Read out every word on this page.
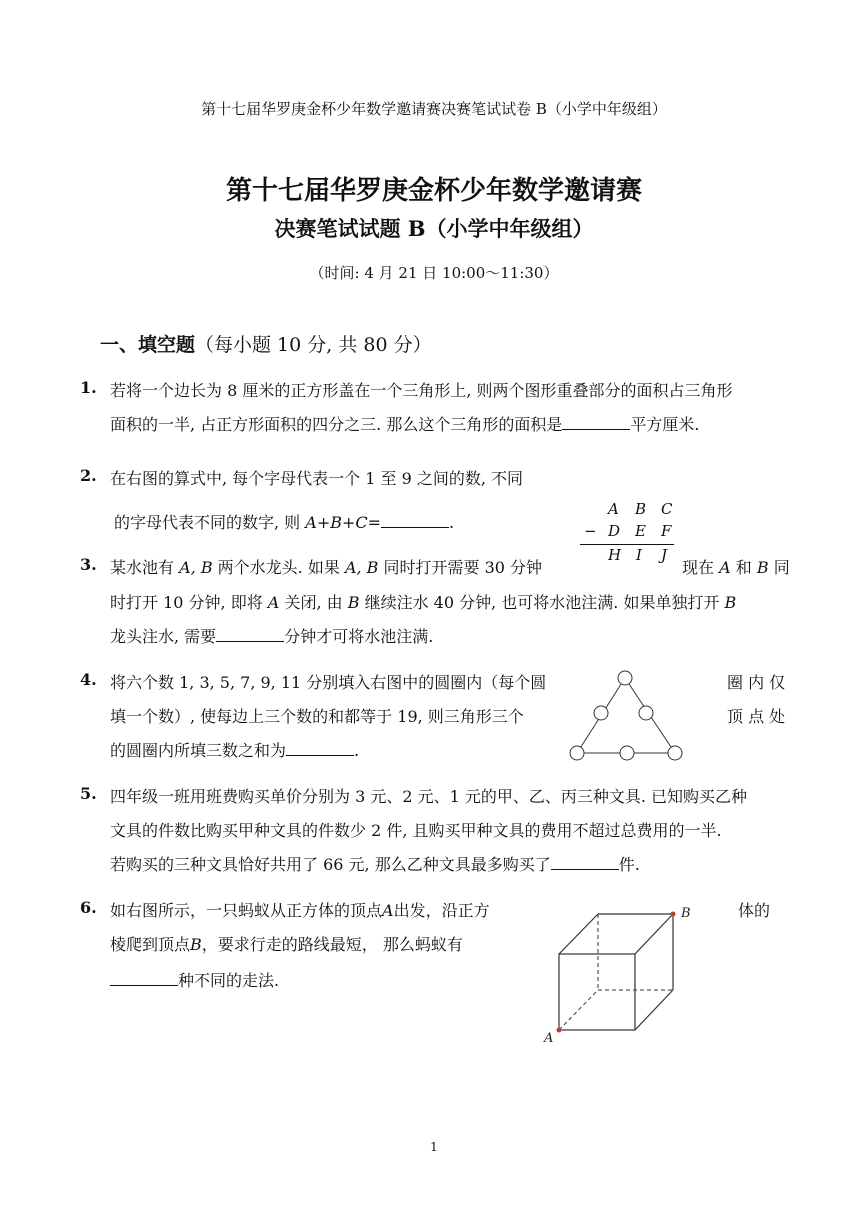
第十七届华罗庚金杯少年数学邀请赛决赛笔试试卷 B（小学中年级组）
第十七届华罗庚金杯少年数学邀请赛
决赛笔试试题 B（小学中年级组）
（时间: 4 月 21 日 10:00～11:30）
一、填空题（每小题 10 分, 共 80 分）
1. 若将一个边长为 8 厘米的正方形盖在一个三角形上, 则两个图形重叠部分的面积占三角形
面积的一半, 占正方形面积的四分之三. 那么这个三角形的面积是	平方厘米.
2. 在右图的算式中, 每个字母代表一个 1 至 9 之间的数, 不同
的字母代表不同的数字, 则 A+B+C=	.
A B C
− D E F
H I J
3. 某水池有 A, B 两个水龙头. 如果 A, B 同时打开需要 30 分钟	现在 A 和 B 同
时打开 10 分钟, 即将 A 关闭, 由 B 继续注水 40 分钟, 也可将水池注满. 如果单独打开 B
龙头注水, 需要	分钟才可将水池注满.
4. 将六个数 1, 3, 5, 7, 9, 11 分别填入右图中的圆圈内（每个圆	圈 内 仅
填一个数）, 使每边上三个数的和都等于 19, 则三角形三个	顶 点 处
的圆圈内所填三数之和为	.
5. 四年级一班用班费购买单价分别为 3 元、2 元、1 元的甲、乙、丙三种文具. 已知购买乙种
文具的件数比购买甲种文具的件数少 2 件, 且购买甲种文具的费用不超过总费用的一半.
若购买的三种文具恰好共用了 66 元, 那么乙种文具最多购买了	件.
6. 如右图所示，一只蚂蚁从正方体的顶点A出发，沿正方	体的
棱爬到顶点B，要求行走的路线最短， 那么蚂蚁有
种不同的走法.
B
A
1
